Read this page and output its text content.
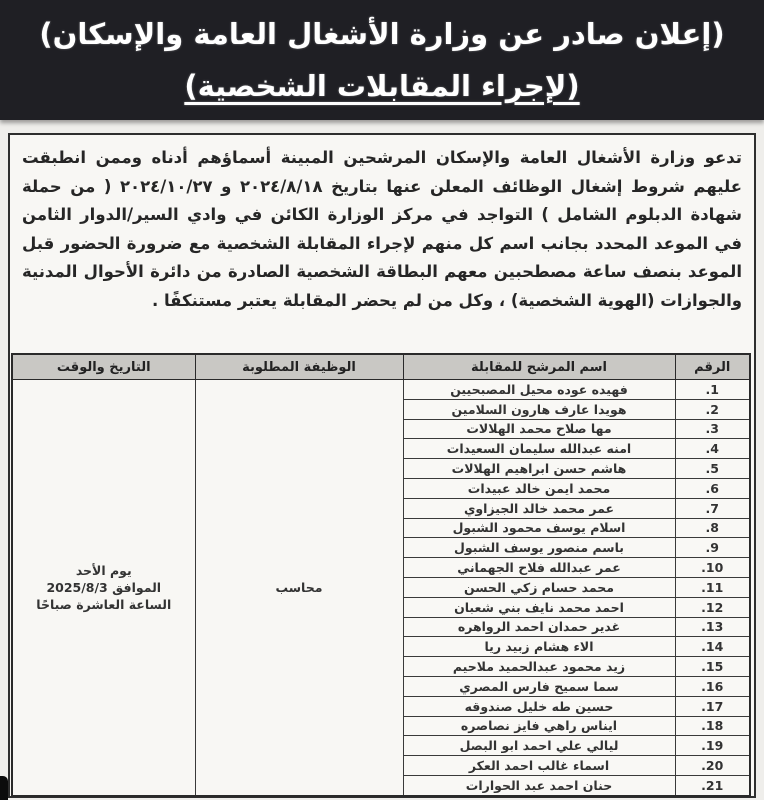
(إعلان صادر عن وزارة الأشغال العامة والإسكان)
(لإجراء المقابلات الشخصية)

تدعو وزارة الأشغال العامة والإسكان المرشحين المبينة أسماؤهم أدناه وممن انطبقت عليهم شروط إشغال الوظائف المعلن عنها بتاريخ ٢٠٢٤/٨/١٨ و ٢٠٢٤/١٠/٢٧ ( من حملة شهادة الدبلوم الشامل ) التواجد في مركز الوزارة الكائن في وادي السير/الدوار الثامن في الموعد المحدد بجانب اسم كل منهم لإجراء المقابلة الشخصية مع ضرورة الحضور قبل الموعد بنصف ساعة مصطحبين معهم البطاقة الشخصية الصادرة من دائرة الأحوال المدنية والجوازات (الهوية الشخصية) ، وكل من لم يحضر المقابلة يعتبر مستنكفًا .

الرقم	اسم المرشح للمقابلة	الوظيفة المطلوبة	التاريخ والوقت
1.	فهيده عوده محيل المصبحيين	محاسب	يوم الأحد
الموافق 2025/8/3
الساعة العاشرة صباحًا

2.	هويدا عارف هارون السلامين		
3.	مها صلاح محمد الهلالات		
4.	امنه عبدالله سليمان السعيدات		
5.	هاشم حسن ابراهيم الهلالات		
6.	محمد ايمن خالد عبيدات		
7.	عمر محمد خالد الجيزاوي		
8.	اسلام يوسف محمود الشبول		
9.	باسم منصور يوسف الشبول		
10.	عمر عبدالله فلاح الجهماني		
11.	محمد حسام زكي الحسن		
12.	احمد محمد نايف بني شعبان		
13.	غدير حمدان احمد الرواهره		
14.	الاء هشام زبيد ريا		
15.	زيد محمود عبدالحميد ملاحيم		
16.	سما سميح فارس المصري		
17.	حسين طه خليل صندوقه		
18.	ايناس راهي فايز نصاصره		
19.	ليالي علي احمد ابو البصل		
20.	اسماء غالب احمد العكر		
21.	حنان احمد عبد الحوارات		
